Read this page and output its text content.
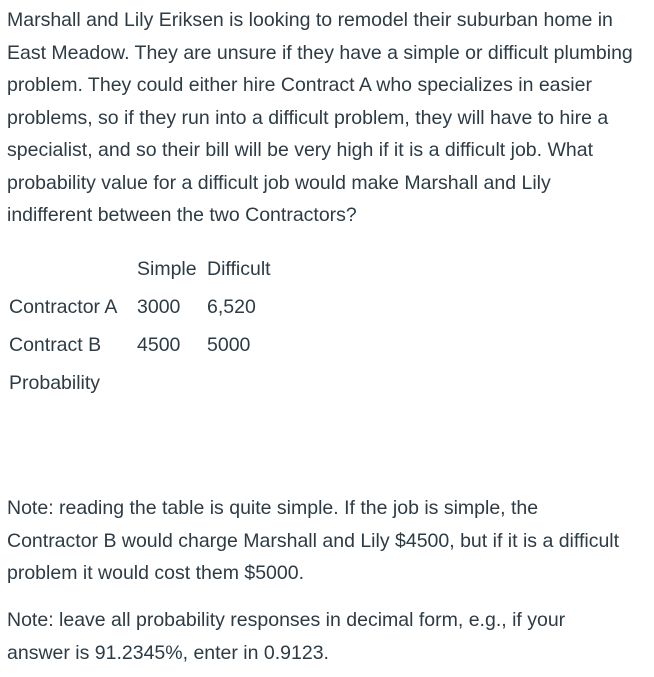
Marshall and Lily Eriksen is looking to remodel their suburban home in East Meadow. They are unsure if they have a simple or difficult plumbing problem. They could either hire Contract A who specializes in easier problems, so if they run into a difficult problem, they will have to hire a specialist, and so their bill will be very high if it is a difficult job. What probability value for a difficult job would make Marshall and Lily indifferent between the two Contractors?

	Simple	Difficult
Contractor A	3000	6,520
Contract B	4500	5000
Probability		

Note: reading the table is quite simple. If the job is simple, the Contractor B would charge Marshall and Lily $4500, but if it is a difficult problem it would cost them $5000.

Note: leave all probability responses in decimal form, e.g., if your answer is 91.2345%, enter in 0.9123.
